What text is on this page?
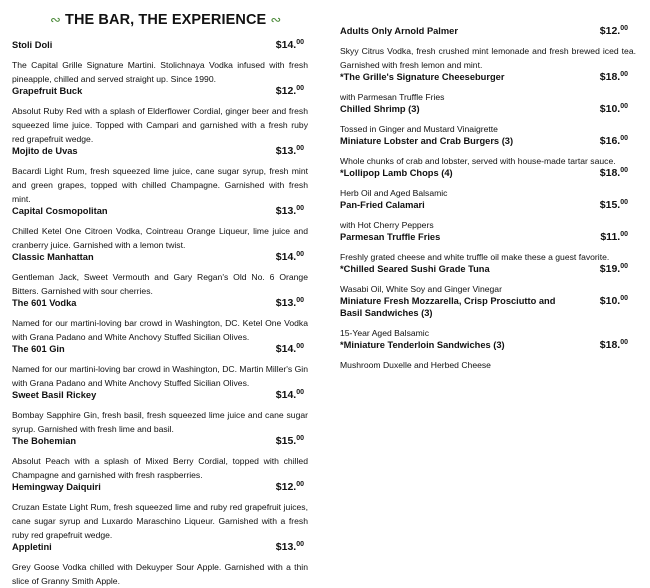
∾ THE BAR, THE EXPERIENCE ∾
Stoli Doli	$14.00
The Capital Grille Signature Martini. Stolichnaya Vodka infused with fresh pineapple, chilled and served straight up. Since 1990.
Grapefruit Buck	$12.00
Absolut Ruby Red with a splash of Elderflower Cordial, ginger beer and fresh squeezed lime juice. Topped with Campari and garnished with a fresh ruby red grapefruit wedge.
Mojito de Uvas	$13.00
Bacardi Light Rum, fresh squeezed lime juice, cane sugar syrup, fresh mint and green grapes, topped with chilled Champagne. Garnished with fresh mint.
Capital Cosmopolitan	$13.00
Chilled Ketel One Citroen Vodka, Cointreau Orange Liqueur, lime juice and cranberry juice. Garnished with a lemon twist.
Classic Manhattan	$14.00
Gentleman Jack, Sweet Vermouth and Gary Regan's Old No. 6 Orange Bitters. Garnished with sour cherries.
The 601 Vodka	$13.00
Named for our martini-loving bar crowd in Washington, DC. Ketel One Vodka with Grana Padano and White Anchovy Stuffed Sicilian Olives.
The 601 Gin	$14.00
Named for our martini-loving bar crowd in Washington, DC. Martin Miller's Gin with Grana Padano and White Anchovy Stuffed Sicilian Olives.
Sweet Basil Rickey	$14.00
Bombay Sapphire Gin, fresh basil, fresh squeezed lime juice and cane sugar syrup. Garnished with fresh lime and basil.
The Bohemian	$15.00
Absolut Peach with a splash of Mixed Berry Cordial, topped with chilled Champagne and garnished with fresh raspberries.
Hemingway Daiquiri	$12.00
Cruzan Estate Light Rum, fresh squeezed lime and ruby red grapefruit juices, cane sugar syrup and Luxardo Maraschino Liqueur. Garnished with a fresh ruby red grapefruit wedge.
Appletini	$13.00
Grey Goose Vodka chilled with Dekuyper Sour Apple. Garnished with a thin slice of Granny Smith Apple.
Adults Only Arnold Palmer	$12.00
Skyy Citrus Vodka, fresh crushed mint lemonade and fresh brewed iced tea. Garnished with fresh lemon and mint.
*The Grille's Signature Cheeseburger	$18.00
with Parmesan Truffle Fries
Chilled Shrimp (3)	$10.00
Tossed in Ginger and Mustard Vinaigrette
Miniature Lobster and Crab Burgers (3)	$16.00
Whole chunks of crab and lobster, served with house-made tartar sauce.
*Lollipop Lamb Chops (4)	$18.00
Herb Oil and Aged Balsamic
Pan-Fried Calamari	$15.00
with Hot Cherry Peppers
Parmesan Truffle Fries	$11.00
Freshly grated cheese and white truffle oil make these a guest favorite.
*Chilled Seared Sushi Grade Tuna	$19.00
Wasabi Oil, White Soy and Ginger Vinegar
Miniature Fresh Mozzarella, Crisp Prosciutto and Basil Sandwiches (3)
$10.00
15-Year Aged Balsamic
*Miniature Tenderloin Sandwiches (3)	$18.00
Mushroom Duxelle and Herbed Cheese
